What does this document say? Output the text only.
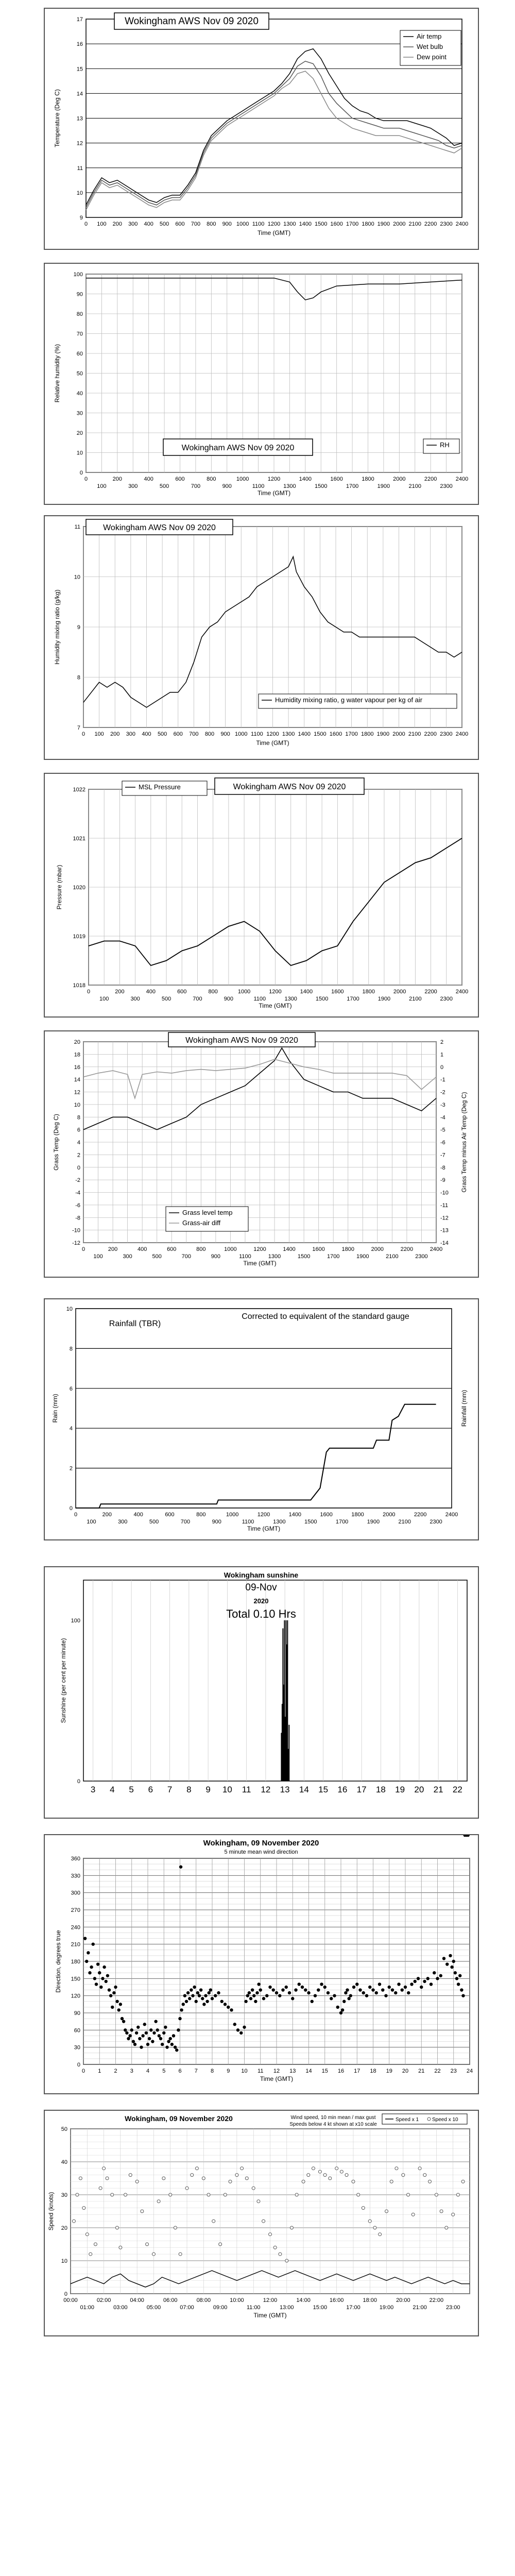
9
10
11
12
13
14
15
16
17
0 100 200 300 400 500 600 700 800 900 1000 1100 1200 1300 1400 1500 1600 1700 1800 1900 2000 2100 2200 2300 2400
Time (GMT)
Temperature (Deg C)
Wokingham AWS Nov 09 2020
Air temp
Wet bulb
Dew point
0
10
20
30
40
50
60
70
80
90
100
0
100
200
300
400
500
600
700
800
900
1000
1100
1200
1300
1400
1500
1600
1700
1800
1900
2000
2100
2200
2300
2400
Time (GMT)
Relative humidity (%)
Wokingham AWS Nov 09 2020	RH
7
8
9
10
11
0 100 200 300 400 500 600 700 800 900 1000 1100 1200 1300 1400 1500 1600 1700 1800 1900 2000 2100 2200 2300 2400
Time (GMT)
Humidity mixing ratio (g/kg)
Wokingham AWS Nov 09 2020
Humidity mixing ratio, g water vapour per kg of air
1018
1019
1020
1021
1022
0
100
200
300
400
500
600
700
800
900
1000
1100
1200
1300
1400
1500
1600
1700
1800
1900
2000
2100
2200
2300
2400
Time (GMT)
Pressure (mbar)
MSL Pressure	Wokingham AWS Nov 09 2020
-12
-10
-8
-6
-4
-2
0
2
4
6
8
10
12
14
16
18
20
-14
-13
-12
-11
-10
-9
-8
-7
-6
-5
-4
-3
-2
-1
0
1
2
0
100
200
300
400
500
600
700
800
900
1000
1100
1200
1300
1400
1500
1600
1700
1800
1900
2000
2100
2200
2300
2400
Time (GMT)
Grass Temp (Deg C)	Grass Temp minus Air Temp (Deg C)
Wokingham AWS Nov 09 2020
Grass level temp
Grass-air diff
0
2
4
6
8
10
0
100
200
300
400
500
600
700
800
900
1000
1100
1200
1300
1400
1500
1600
1700
1800
1900
2000
2100
2200
2300
2400
Time (GMT)
Rain (mm)	Rainfall (mm)
Rainfall (TBR)
Corrected to equivalent of the standard gauge
3 4 5 6 7 8 9 10 11 12 13 14 15 16 17 18 19 20 21 22
0
100
Sunshine (per cent per minute)
Wokingham sunshine
09-Nov
2020
Total 0.10 Hrs
0
30
60
90
120
150
180
210
240
270
300
330
360
0 1 2 3 4 5 6 7 8 9 10 11 12 13 14 15 16 17 18 19 20 21 22 23 24
Time (GMT)
Direction, degrees true
Wokingham, 09 November 2020
5 minute mean wind direction
0
10
20
30
40
50
00:00	02:00	04:00	06:00	08:00	10:00	12:00	14:00	16:00	18:00	20:00	22:00
01:00	03:00	05:00	07:00	09:00	11:00	13:00	15:00	17:00	19:00	21:00	23:00
Time (GMT)
Speed (knots)
Wokingham, 09 November 2020	Wind speed, 10 min mean / max gust
Speeds below 4 kt shown at x10 scale
Speed x 1	Speed x 10
